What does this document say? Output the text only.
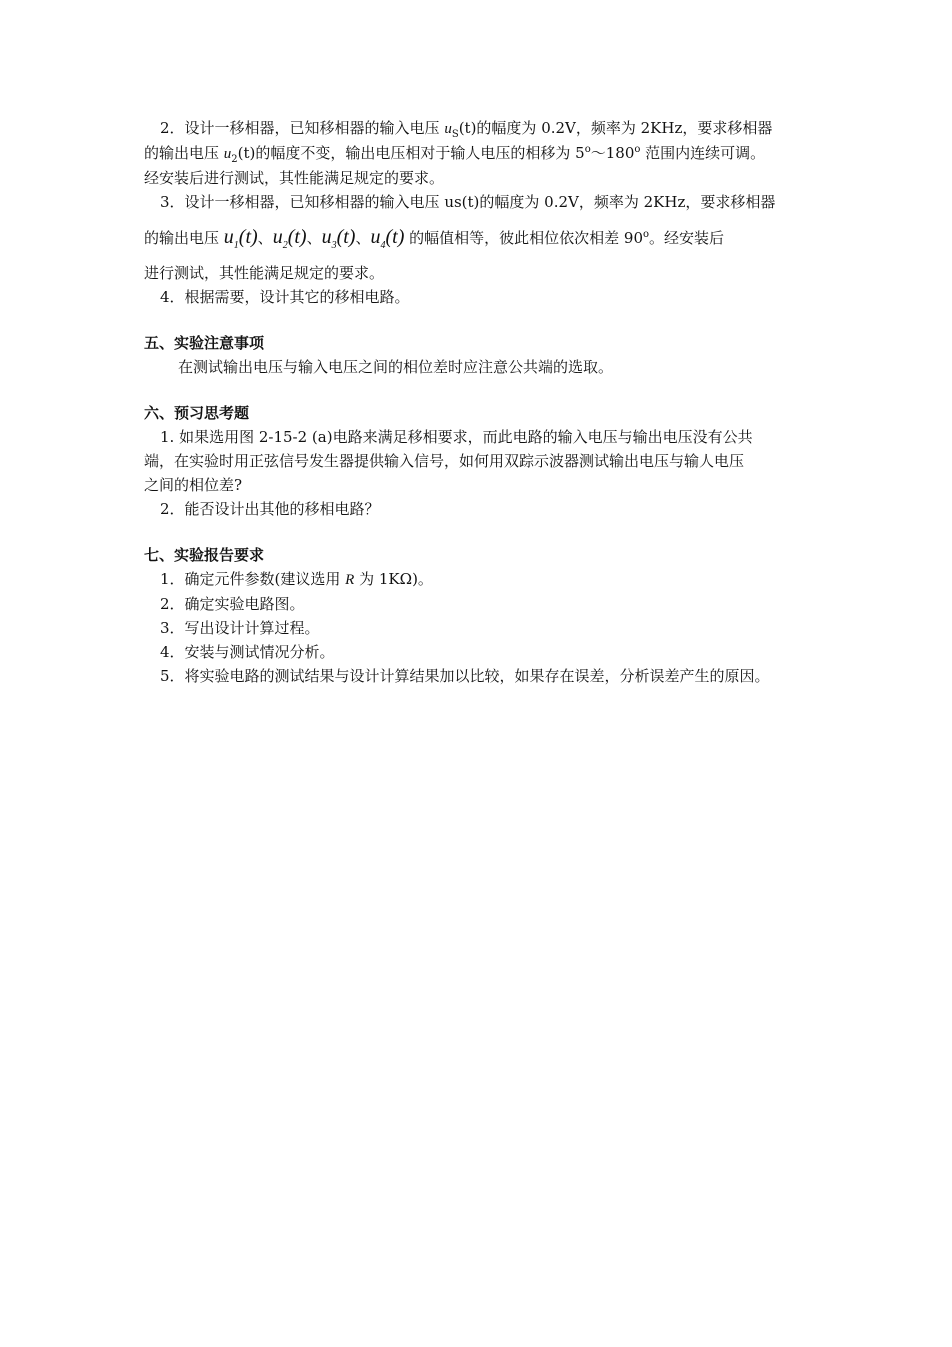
2．设计一移相器，已知移相器的输入电压 $u_S(t)$的幅度为 0.2V，频率为 2KHz，要求移相器

的输出电压 $u_2(t)$的幅度不变，输出电压相对于输人电压的相移为 5$^o$～180$^o$ 范围内连续可调。

经安装后进行测试，其性能满足规定的要求。

3．设计一移相器，已知移相器的输入电压 us(t)的幅度为 0.2V，频率为 2KHz，要求移相器

的输出电压 $u_1(t)$、$u_2(t)$、$u_3(t)$、$u_4(t)$ 的幅值相等，彼此相位依次相差 90$^o$。经安装后

进行测试，其性能满足规定的要求。

4．根据需要，设计其它的移相电路。

五、实验注意事项

在测试输出电压与输入电压之间的相位差时应注意公共端的选取。

六、预习思考题

1. 如果选用图 2-15-2 (a)电路来满足移相要求，而此电路的输入电压与输出电压没有公共

端，在实验时用正弦信号发生器提供输入信号，如何用双踪示波器测试输出电压与输人电压

之间的相位差?

2．能否设计出其他的移相电路？

七、实验报告要求

1．确定元件参数(建议选用 R 为 1KΩ)。

2．确定实验电路图。

3．写出设计计算过程。

4．安装与测试情况分析。

5．将实验电路的测试结果与设计计算结果加以比较，如果存在误差，分析误差产生的原因。
